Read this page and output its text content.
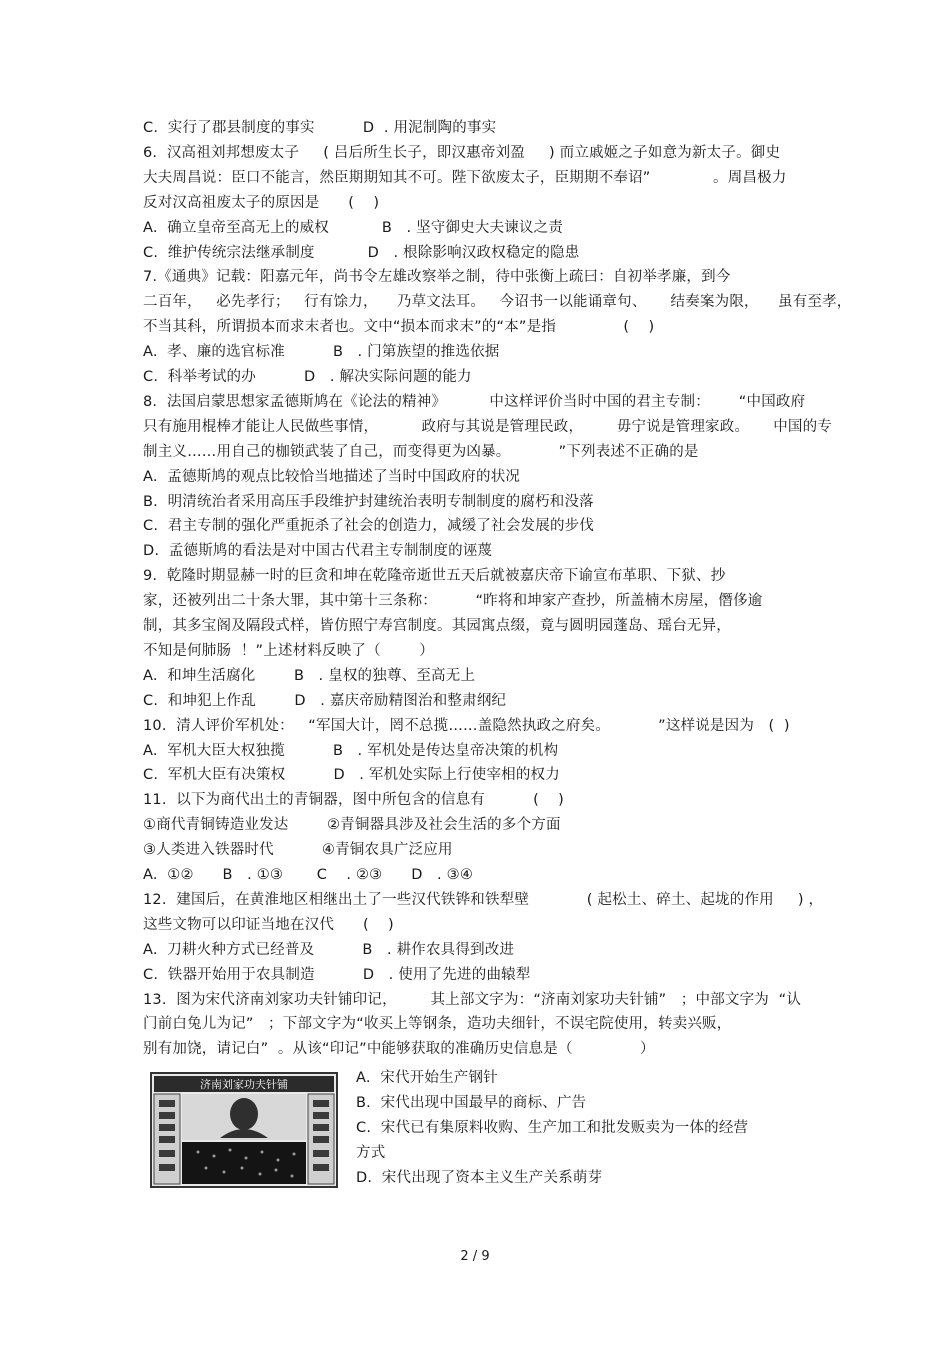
C.  实行了郡县制度的事实          D  . 用泥制陶的事实
6.  汉高祖刘邦想废太子     ( 吕后所生长子，即汉惠帝刘盈     ) 而立戚姬之子如意为新太子。御史
大夫周昌说：臣口不能言，然臣期期知其不可。陛下欲废太子，臣期期不奉诏”             。周昌极力
反对汉高祖废太子的原因是      (    )
A.  确立皇帝至高无上的威权           B   . 坚守御史大夫谏议之责
C.  维护传统宗法继承制度           D   . 根除影响汉政权稳定的隐患
7.《通典》记载：阳嘉元年，尚书令左雄改察举之制，待中张衡上疏曰：自初举孝廉，到今
二百年，   必先孝行；   行有馀力，    乃草文法耳。   今诏书一以能诵章句、     结奏案为限，    虽有至孝，
不当其科，所谓损本而求末者也。文中“损本而求末”的“本”是指              (    )
A.  孝、廉的选官标准          B   . 门第族望的推选依据
C.  科举考试的办          D   . 解决实际问题的能力
8.  法国启蒙思想家孟德斯鸠在《论法的精神》         中这样评价当时中国的君主专制：      “中国政府
只有施用棍棒才能让人民做些事情，         政府与其说是管理民政，       毋宁说是管理家政。     中国的专
制主义……用自己的枷锁武装了自己，而变得更为凶暴。          ”下列表述不正确的是
A.  孟德斯鸠的观点比较恰当地描述了当时中国政府的状况
B.  明清统治者采用高压手段维护封建统治表明专制制度的腐朽和没落
C.  君主专制的强化严重扼杀了社会的创造力，减缓了社会发展的步伐
D.  孟德斯鸠的看法是对中国古代君主专制制度的诬蔑
9.  乾隆时期显赫一时的巨贪和坤在乾隆帝逝世五天后就被嘉庆帝下谕宣布革职、下狱、抄
家，还被列出二十条大罪，其中第十三条称：        “昨将和坤家产查抄，所盖楠木房屋，僭侈逾
制，其多宝阁及隔段式样，皆仿照宁寿宫制度。其园寓点缀，竟与圆明园蓬岛、瑶台无异，
不知是何肺肠  ！”上述材料反映了（        ）
A.  和坤生活腐化        B   . 皇权的独尊、至高无上
C.  和坤犯上作乱        D   . 嘉庆帝励精图治和整肃纲纪
10.  清人评价军机处：   “军国大计，罔不总揽……盖隐然执政之府矣。          ”这样说是因为   (  )
A.  军机大臣大权独揽          B   . 军机处是传达皇帝决策的机构
C.  军机大臣有决策权          D   . 军机处实际上行使宰相的权力
11.  以下为商代出土的青铜器，图中所包含的信息有          (    )
①商代青铜铸造业发达        ②青铜器具涉及社会生活的多个方面
③人类进入铁器时代          ④青铜农具广泛应用
A.  ①②      B   . ①③       C    . ②③      D   . ③④
12.  建国后，在黄淮地区相继出土了一些汉代铁铧和铁犁壁            ( 起松土、碎土、起垅的作用     ) ，
这些文物可以印证当地在汉代      (    )
A.  刀耕火种方式已经普及          B   . 耕作农具得到改进
C.  铁器开始用于农具制造          D   . 使用了先进的曲辕犁
13.  图为宋代济南刘家功夫针铺印记，       其上部文字为：“济南刘家功夫针铺”   ；中部文字为  “认
门前白兔儿为记”   ；下部文字为“收买上等钢条，造功夫细针，不误宅院使用，转卖兴贩，
别有加饶，请记白”  。从该“印记”中能够获取的准确历史信息是（              ）
A.  宋代开始生产钢针
B.  宋代出现中国最早的商标、广告
C.  宋代已有集原料收购、生产加工和批发贩卖为一体的经营
方式
D.  宋代出现了资本主义生产关系萌芽
济南刘家功夫针铺
2 / 9
